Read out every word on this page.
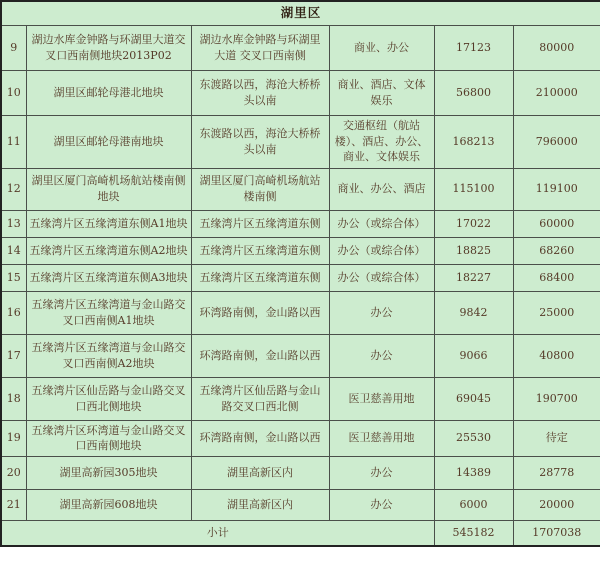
湖里区					
9	湖边水库金钟路与环湖里大道交叉口西南侧地块2013P02	湖边水库金钟路与环湖里大道 交叉口西南侧	商业、办公	17123	80000
10	湖里区邮轮母港北地块	东渡路以西，海沧大桥桥头以南	商业、酒店、文体娱乐	56800	210000
11	湖里区邮轮母港南地块	东渡路以西，海沧大桥桥头以南	交通枢纽（航站楼）、酒店、办公、商业、文体娱乐	168213	796000
12	湖里区厦门高崎机场航站楼南侧地块	湖里区厦门高崎机场航站楼南侧	商业、办公、酒店	115100	119100
13	五缘湾片区五缘湾道东侧A1地块	五缘湾片区五缘湾道东侧	办公（或综合体）	17022	60000
14	五缘湾片区五缘湾道东侧A2地块	五缘湾片区五缘湾道东侧	办公（或综合体）	18825	68260
15	五缘湾片区五缘湾道东侧A3地块	五缘湾片区五缘湾道东侧	办公（或综合体）	18227	68400
16	五缘湾片区五缘湾道与金山路交叉口西南侧A1地块	环湾路南侧，金山路以西	办公	9842	25000
17	五缘湾片区五缘湾道与金山路交叉口西南侧A2地块	环湾路南侧，金山路以西	办公	9066	40800
18	五缘湾片区仙岳路与金山路交叉口西北侧地块	五缘湾片区仙岳路与金山路交叉口西北侧	医卫慈善用地	69045	190700
19	五缘湾片区环湾道与金山路交叉口西南侧地块	环湾路南侧，金山路以西	医卫慈善用地	25530	待定
20	湖里高新园305地块	湖里高新区内	办公	14389	28778
21	湖里高新园608地块	湖里高新区内	办公	6000	20000
小计				545182	1707038
